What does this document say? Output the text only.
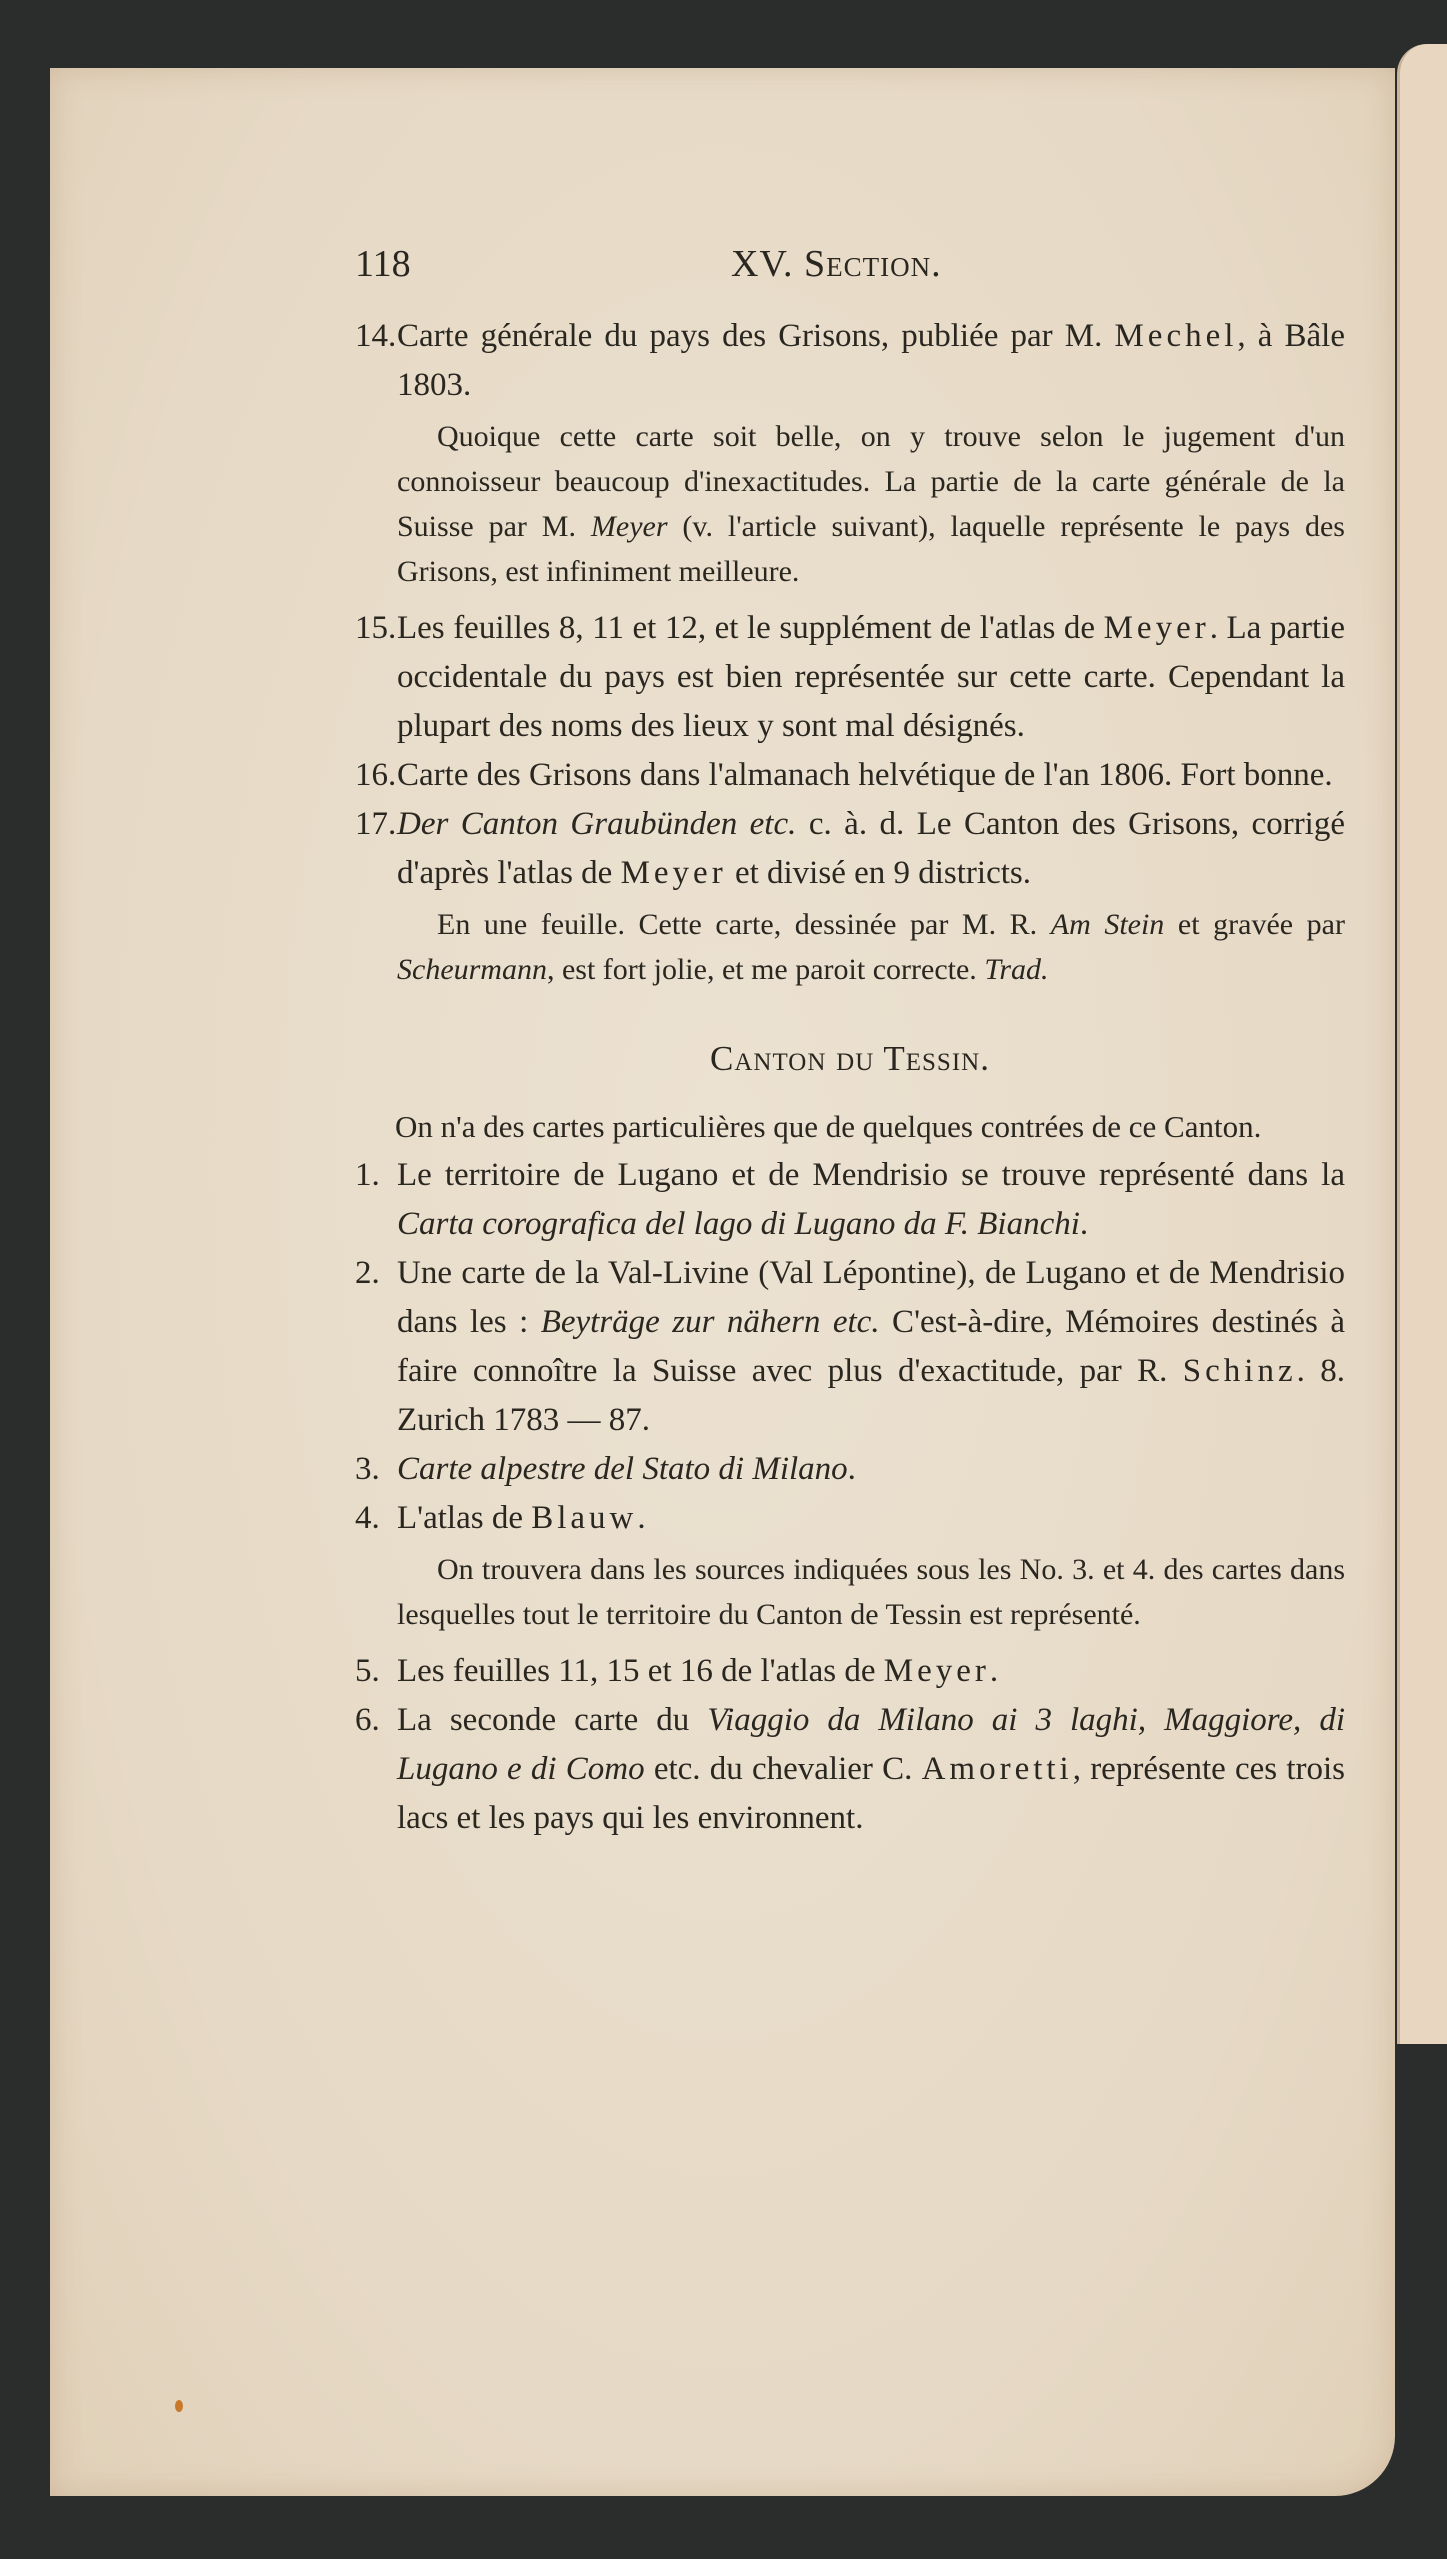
118	XV. Section.
14. Carte générale du pays des Grisons, publiée par M. Mechel, à Bâle 1803.
Quoique cette carte soit belle, on y trouve selon le jugement d'un connoisseur beaucoup d'inexactitudes. La partie de la carte générale de la Suisse par M. Meyer (v. l'article suivant), laquelle représente le pays des Grisons, est infiniment meilleure.
15. Les feuilles 8, 11 et 12, et le supplément de l'atlas de Meyer. La partie occidentale du pays est bien représentée sur cette carte. Cependant la plupart des noms des lieux y sont mal désignés.
16. Carte des Grisons dans l'almanach helvétique de l'an 1806. Fort bonne.
17. Der Canton Graubünden etc. c. à. d. Le Canton des Grisons, corrigé d'après l'atlas de Meyer et divisé en 9 districts.
En une feuille. Cette carte, dessinée par M. R. Am Stein et gravée par Scheurmann, est fort jolie, et me paroit correcte. Trad.
Canton du Tessin.
On n'a des cartes particulières que de quelques contrées de ce Canton.
1. Le territoire de Lugano et de Mendrisio se trouve représenté dans la Carta corografica del lago di Lugano da F. Bianchi.
2. Une carte de la Val-Livine (Val Lépontine), de Lugano et de Mendrisio dans les : Beyträge zur nähern etc. C'est-à-dire, Mémoires destinés à faire connoître la Suisse avec plus d'exactitude, par R. Schinz. 8. Zurich 1783 — 87.
3. Carte alpestre del Stato di Milano.
4. L'atlas de Blauw.
On trouvera dans les sources indiquées sous les No. 3. et 4. des cartes dans lesquelles tout le territoire du Canton de Tessin est représenté.
5. Les feuilles 11, 15 et 16 de l'atlas de Meyer.
6. La seconde carte du Viaggio da Milano ai 3 laghi, Maggiore, di Lugano e di Como etc. du chevalier C. Amoretti, représente ces trois lacs et les pays qui les environnent.
